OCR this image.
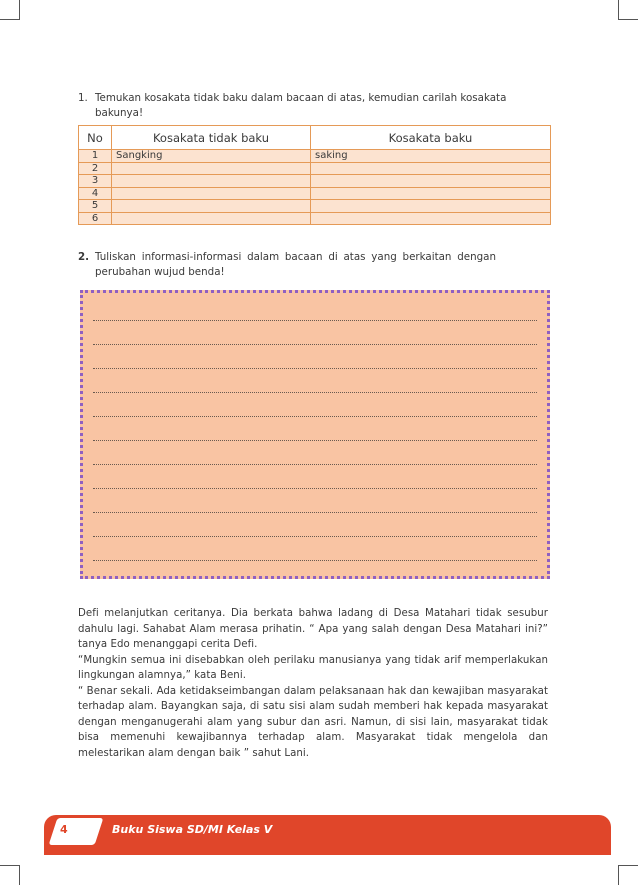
1. Temukan kosakata tidak baku dalam bacaan di atas, kemudian carilah kosakata
bakunya!
No	Kosakata tidak baku	Kosakata baku
1	Sangking	saking
2		
3		
4		
5		
6		
2. Tuliskan informasi-informasi dalam bacaan di atas yang berkaitan dengan
perubahan wujud benda!

Defi melanjutkan ceritanya. Dia berkata bahwa ladang di Desa Matahari tidak sesubur dahulu lagi. Sahabat Alam merasa prihatin. “ Apa yang salah dengan Desa Matahari ini?” tanya Edo menanggapi cerita Defi.

“Mungkin semua ini disebabkan oleh perilaku manusianya yang tidak arif memperlakukan lingkungan alamnya,” kata Beni.

“ Benar sekali. Ada ketidakseimbangan dalam pelaksanaan hak dan kewajiban masyarakat terhadap alam. Bayangkan saja, di satu sisi alam sudah memberi hak kepada masyarakat dengan menganugerahi alam yang subur dan asri. Namun, di sisi lain, masyarakat tidak bisa memenuhi kewajibannya terhadap alam. Masyarakat tidak mengelola dan melestarikan alam dengan baik ” sahut Lani.

4	Buku Siswa SD/MI Kelas V
